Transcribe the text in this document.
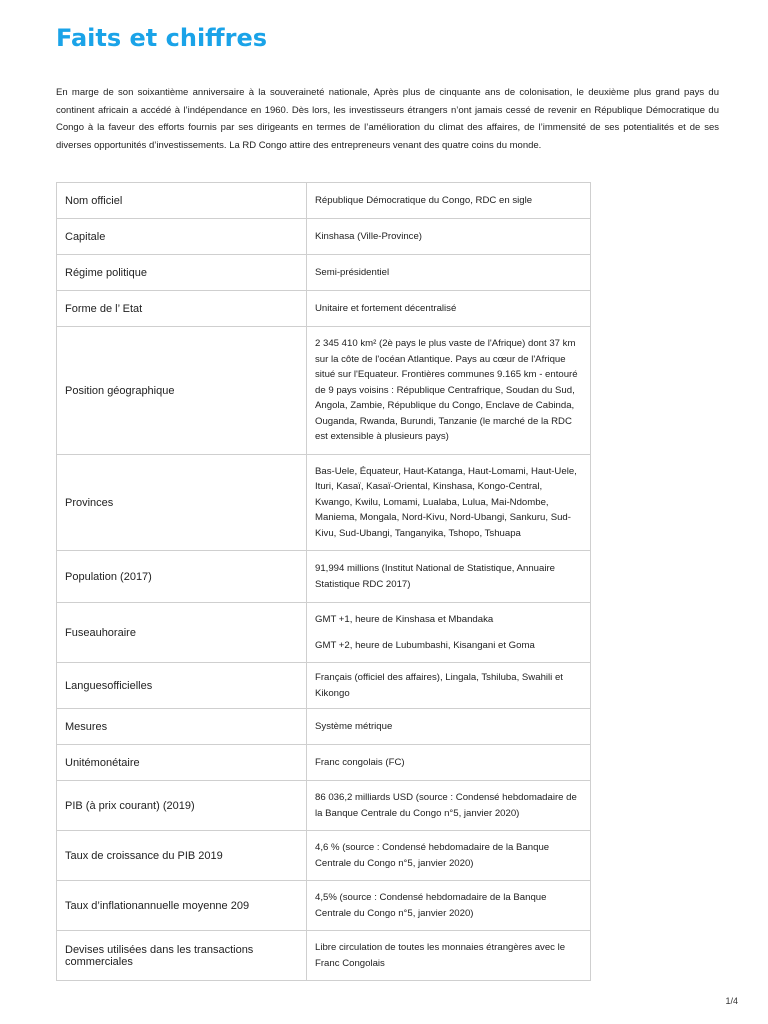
Faits et chiffres

En marge de son soixantième anniversaire à la souveraineté nationale, Après plus de cinquante ans de colonisation, le deuxième plus grand pays du continent africain a accédé à l’indépendance en 1960. Dès lors, les investisseurs étrangers n’ont jamais cessé de revenir en République Démocratique du Congo à la faveur des efforts fournis par ses dirigeants en termes de l’amélioration du climat des affaires, de l’immensité de ses potentialités et de ses diverses opportunités d’investissements. La RD Congo attire des entrepreneurs venant des quatre coins du monde.

Nom officiel	République Démocratique du Congo, RDC en sigle
Capitale	Kinshasa (Ville-Province)
Régime politique	Semi-présidentiel
Forme de l’ Etat	Unitaire et fortement décentralisé
Position géographique	2 345 410 km² (2è pays le plus vaste de l'Afrique) dont 37 km sur la côte de l'océan Atlantique. Pays au cœur de l'Afrique situé sur l'Equateur. Frontières communes 9.165 km - entouré de 9 pays voisins : République Centrafrique, Soudan du Sud, Angola, Zambie, République du Congo, Enclave de Cabinda, Ouganda, Rwanda, Burundi, Tanzanie (le marché de la RDC est extensible à plusieurs pays)
Provinces	Bas-Uele, Équateur, Haut-Katanga, Haut-Lomami, Haut-Uele, Ituri, Kasaï, Kasaï-Oriental, Kinshasa, Kongo-Central, Kwango, Kwilu, Lomami, Lualaba, Lulua, Mai-Ndombe, Maniema, Mongala, Nord-Kivu, Nord-Ubangi, Sankuru, Sud-Kivu, Sud-Ubangi, Tanganyika, Tshopo, Tshuapa
Population (2017)	91,994 millions (Institut National de Statistique, Annuaire Statistique RDC 2017)
Fuseauhoraire	GMT +1, heure de Kinshasa et Mbandaka
GMT +2, heure de Lubumbashi, Kisangani et Goma

Languesofficielles	Français (officiel des affaires), Lingala, Tshiluba, Swahili et Kikongo
Mesures	Système métrique
Unitémonétaire	Franc congolais (FC)
PIB (à prix courant) (2019)	86 036,2 milliards USD (source : Condensé hebdomadaire de la Banque Centrale du Congo n°5, janvier 2020)
Taux de croissance du PIB 2019	4,6 % (source : Condensé hebdomadaire de la Banque Centrale du Congo n°5, janvier 2020)
Taux d’inflationannuelle moyenne 209	4,5% (source : Condensé hebdomadaire de la Banque Centrale du Congo n°5, janvier 2020)
Devises utilisées dans les transactions commerciales	Libre circulation de toutes les monnaies étrangères avec le Franc Congolais
1/4
